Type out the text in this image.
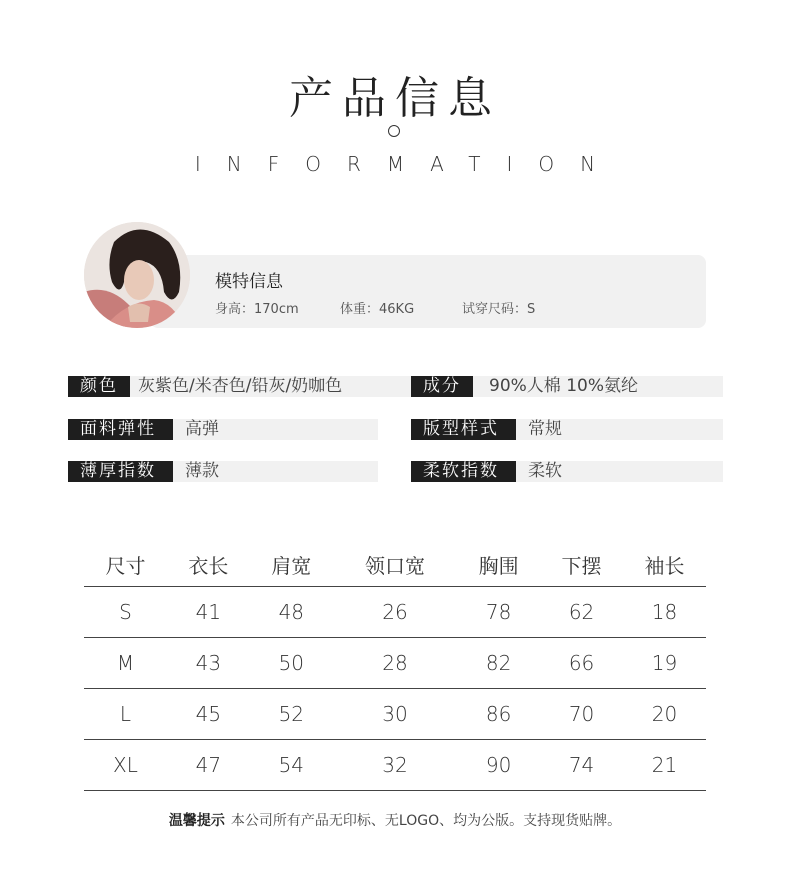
产品信息
INFORMATION
模特信息
身高：170cm	体重：46KG	试穿尺码：S
颜色	灰紫色/米杏色/铅灰/奶咖色	成分	90%人棉 10%氨纶
面料弹性	高弹	版型样式	常规
薄厚指数	薄款	柔软指数	柔软
尺寸	衣长	肩宽	领口宽	胸围	下摆	袖长
S	41	48	26	78	62	18
M	43	50	28	82	66	19
L	45	52	30	86	70	20
XL	47	54	32	90	74	21
温馨提示 本公司所有产品无印标、无LOGO、均为公版。支持现货贴牌。
